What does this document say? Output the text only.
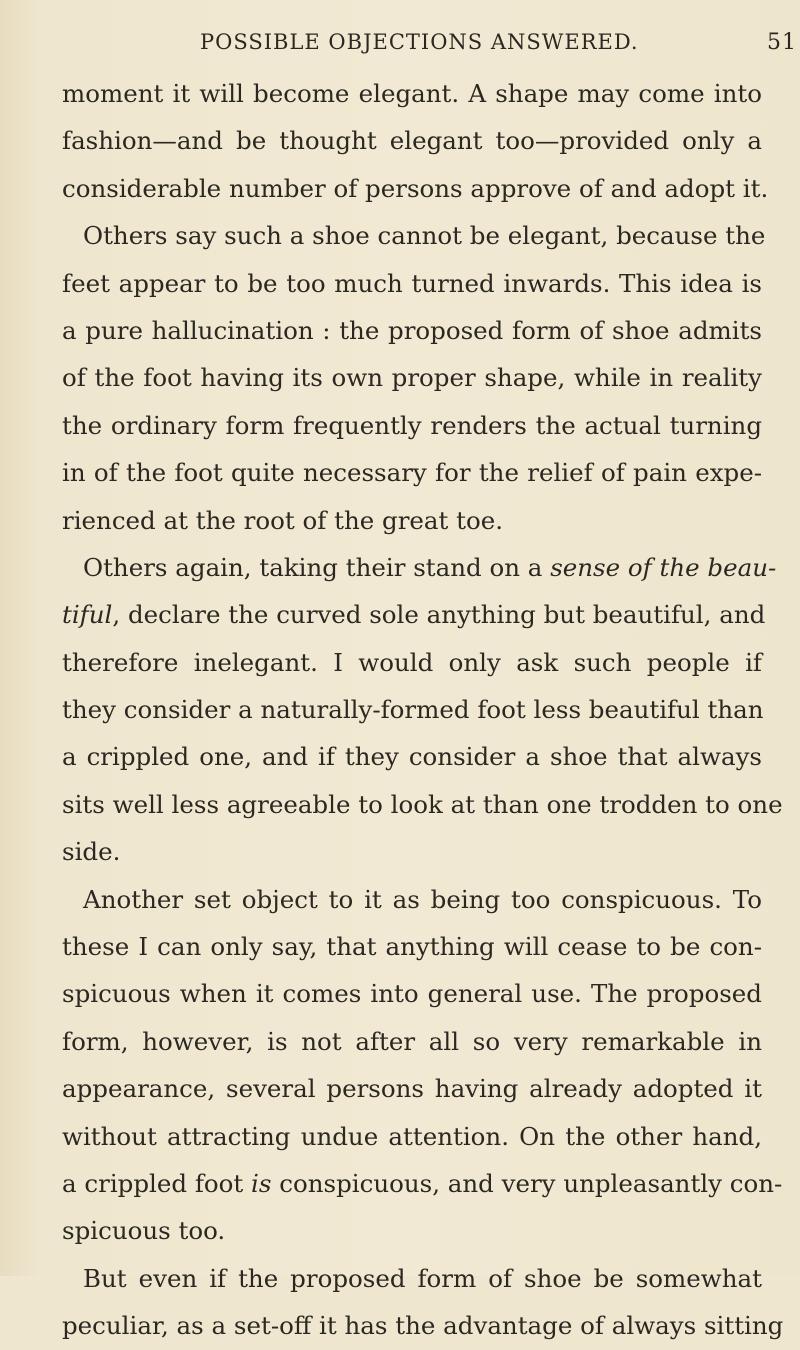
POSSIBLE OBJECTIONS ANSWERED.	51
moment it will become elegant. A shape may come into
fashion—and be thought elegant too—provided only a
considerable number of persons approve of and adopt it.
Others say such a shoe cannot be elegant, because the
feet appear to be too much turned inwards. This idea is
a pure hallucination : the proposed form of shoe admits
of the foot having its own proper shape, while in reality
the ordinary form frequently renders the actual turning
in of the foot quite necessary for the relief of pain expe-
rienced at the root of the great toe.
Others again, taking their stand on a sense of the beau-
tiful, declare the curved sole anything but beautiful, and
therefore inelegant. I would only ask such people if
they consider a naturally-formed foot less beautiful than
a crippled one, and if they consider a shoe that always
sits well less agreeable to look at than one trodden to one
side.
Another set object to it as being too conspicuous. To
these I can only say, that anything will cease to be con-
spicuous when it comes into general use. The proposed
form, however, is not after all so very remarkable in
appearance, several persons having already adopted it
without attracting undue attention. On the other hand,
a crippled foot is conspicuous, and very unpleasantly con-
spicuous too.
But even if the proposed form of shoe be somewhat
peculiar, as a set-off it has the advantage of always sitting
